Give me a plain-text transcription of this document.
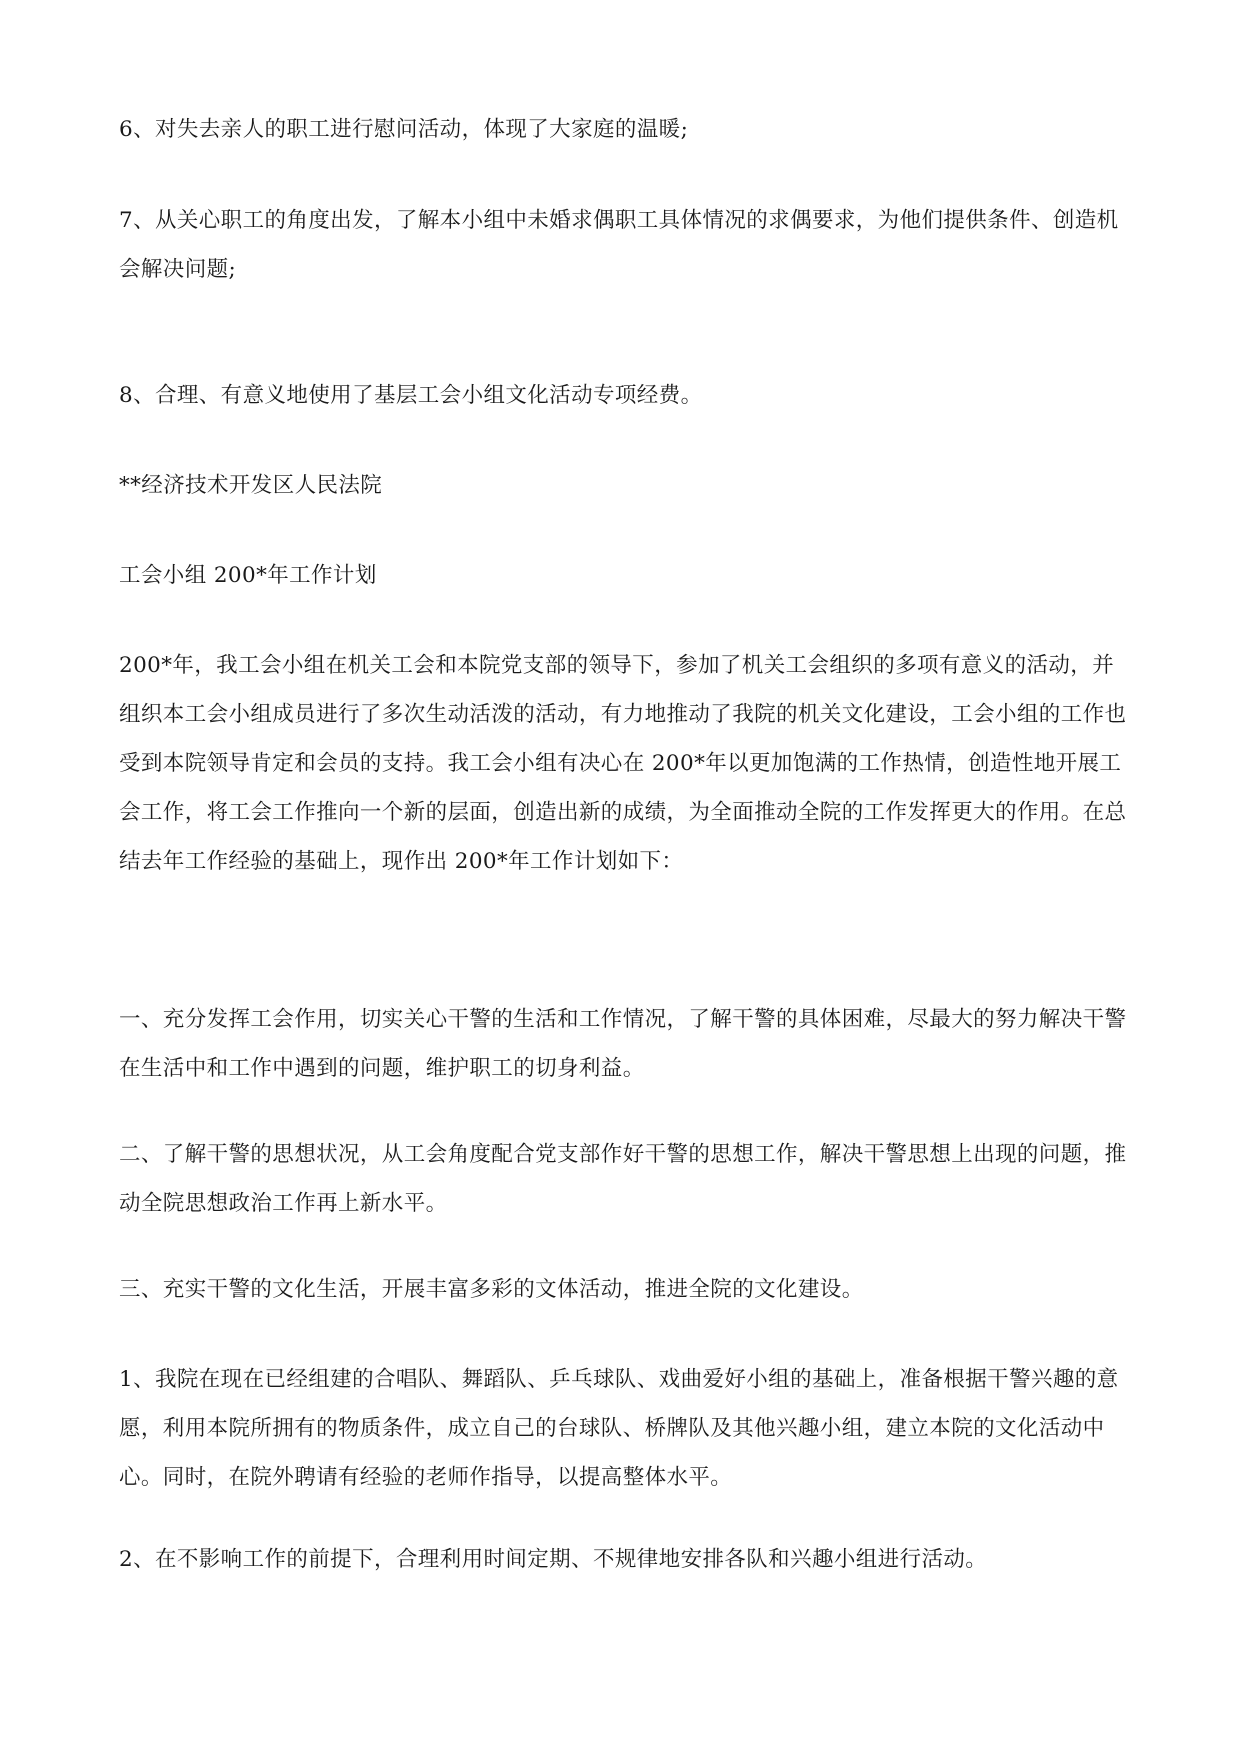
6、对失去亲人的职工进行慰问活动，体现了大家庭的温暖;

7、从关心职工的角度出发，了解本小组中未婚求偶职工具体情况的求偶要求，为他们提供条件、创造机会解决问题;

8、合理、有意义地使用了基层工会小组文化活动专项经费。

**经济技术开发区人民法院

工会小组 200*年工作计划

200*年，我工会小组在机关工会和本院党支部的领导下，参加了机关工会组织的多项有意义的活动，并组织本工会小组成员进行了多次生动活泼的活动，有力地推动了我院的机关文化建设，工会小组的工作也受到本院领导肯定和会员的支持。我工会小组有决心在 200*年以更加饱满的工作热情，创造性地开展工会工作，将工会工作推向一个新的层面，创造出新的成绩，为全面推动全院的工作发挥更大的作用。在总结去年工作经验的基础上，现作出 200*年工作计划如下：

一、充分发挥工会作用，切实关心干警的生活和工作情况，了解干警的具体困难，尽最大的努力解决干警在生活中和工作中遇到的问题，维护职工的切身利益。

二、了解干警的思想状况，从工会角度配合党支部作好干警的思想工作，解决干警思想上出现的问题，推动全院思想政治工作再上新水平。

三、充实干警的文化生活，开展丰富多彩的文体活动，推进全院的文化建设。

1、我院在现在已经组建的合唱队、舞蹈队、乒乓球队、戏曲爱好小组的基础上，准备根据干警兴趣的意愿，利用本院所拥有的物质条件，成立自己的台球队、桥牌队及其他兴趣小组，建立本院的文化活动中心。同时，在院外聘请有经验的老师作指导，以提高整体水平。

2、在不影响工作的前提下，合理利用时间定期、不规律地安排各队和兴趣小组进行活动。
